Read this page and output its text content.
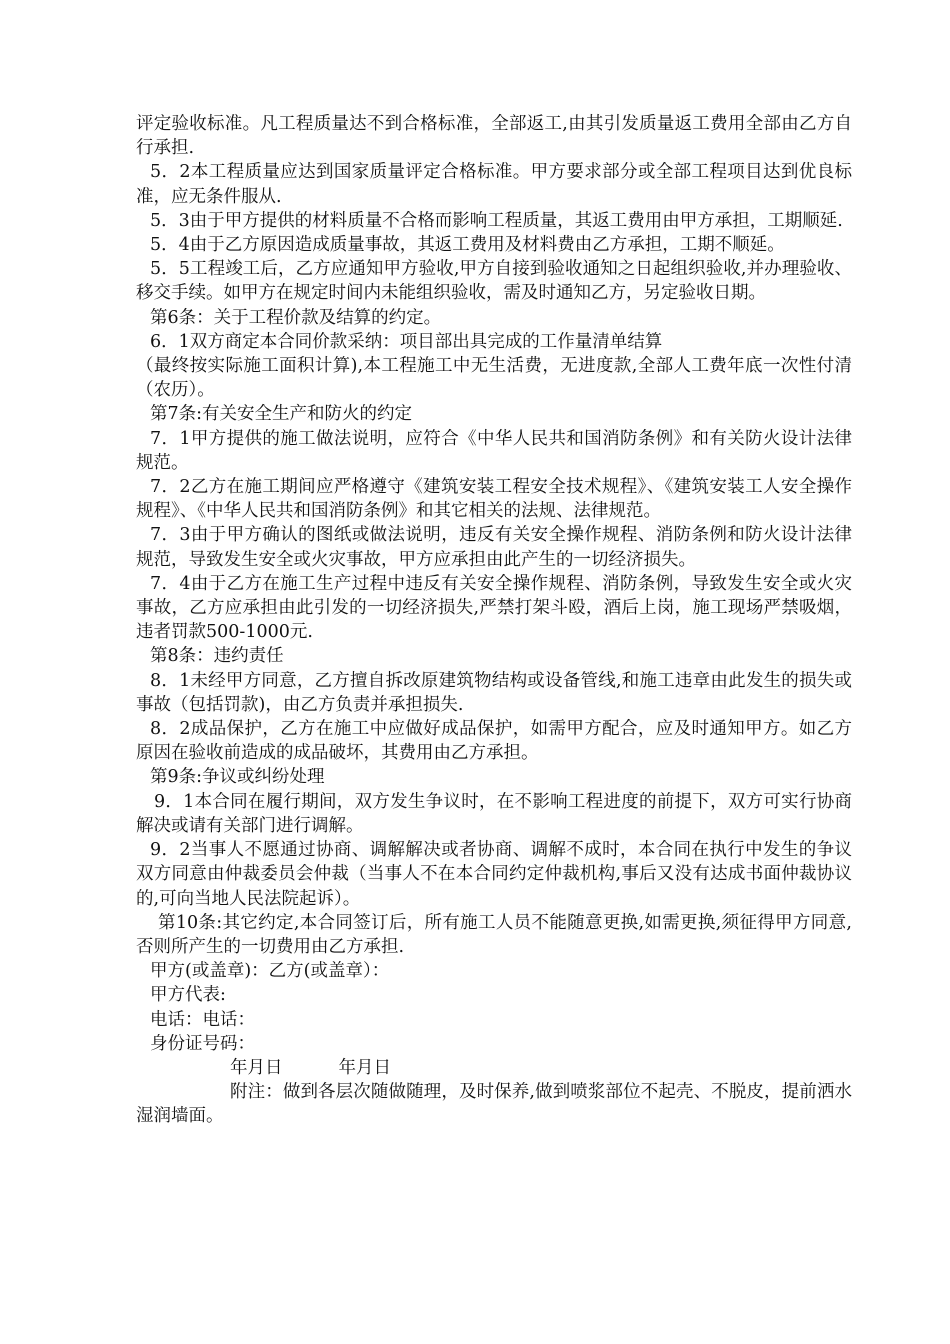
评定验收标准。凡工程质量达不到合格标准，全部返工,由其引发质量返工费用全部由乙方自行承担.

5．2本工程质量应达到国家质量评定合格标准。甲方要求部分或全部工程项目达到优良标准，应无条件服从.

5．3由于甲方提供的材料质量不合格而影响工程质量，其返工费用由甲方承担，工期顺延.

5．4由于乙方原因造成质量事故，其返工费用及材料费由乙方承担，工期不顺延。

5．5工程竣工后，乙方应通知甲方验收,甲方自接到验收通知之日起组织验收,并办理验收、移交手续。如甲方在规定时间内未能组织验收，需及时通知乙方，另定验收日期。

第6条：关于工程价款及结算的约定。

6．1双方商定本合同价款采纳：项目部出具完成的工作量清单结算

（最终按实际施工面积计算),本工程施工中无生活费，无进度款,全部人工费年底一次性付清（农历）。

第7条:有关安全生产和防火的约定

7．1甲方提供的施工做法说明，应符合《中华人民共和国消防条例》和有关防火设计法律规范。

7．2乙方在施工期间应严格遵守《建筑安装工程安全技术规程》、《建筑安装工人安全操作规程》、《中华人民共和国消防条例》和其它相关的法规、法律规范。

7．3由于甲方确认的图纸或做法说明，违反有关安全操作规程、消防条例和防火设计法律规范，导致发生安全或火灾事故，甲方应承担由此产生的一切经济损失。

7．4由于乙方在施工生产过程中违反有关安全操作规程、消防条例，导致发生安全或火灾事故，乙方应承担由此引发的一切经济损失,严禁打架斗殴，酒后上岗，施工现场严禁吸烟，违者罚款500-1000元.

第8条：违约责任

8．1未经甲方同意，乙方擅自拆改原建筑物结构或设备管线,和施工违章由此发生的损失或事故（包括罚款)，由乙方负责并承担损失.

8．2成品保护，乙方在施工中应做好成品保护，如需甲方配合，应及时通知甲方。如乙方原因在验收前造成的成品破坏，其费用由乙方承担。

第9条:争议或纠纷处理

9．1本合同在履行期间，双方发生争议时，在不影响工程进度的前提下，双方可实行协商解决或请有关部门进行调解。

9．2当事人不愿通过协商、调解解决或者协商、调解不成时，本合同在执行中发生的争议双方同意由仲裁委员会仲裁（当事人不在本合同约定仲裁机构,事后又没有达成书面仲裁协议的,可向当地人民法院起诉）。

第10条:其它约定,本合同签订后，所有施工人员不能随意更换,如需更换,须征得甲方同意,否则所产生的一切费用由乙方承担.

甲方(或盖章)：乙方(或盖章）：

甲方代表:

电话：电话：

身份证号码：

年月日	年月日

附注：做到各层次随做随理，及时保养,做到喷浆部位不起壳、不脱皮，提前洒水湿润墙面。
